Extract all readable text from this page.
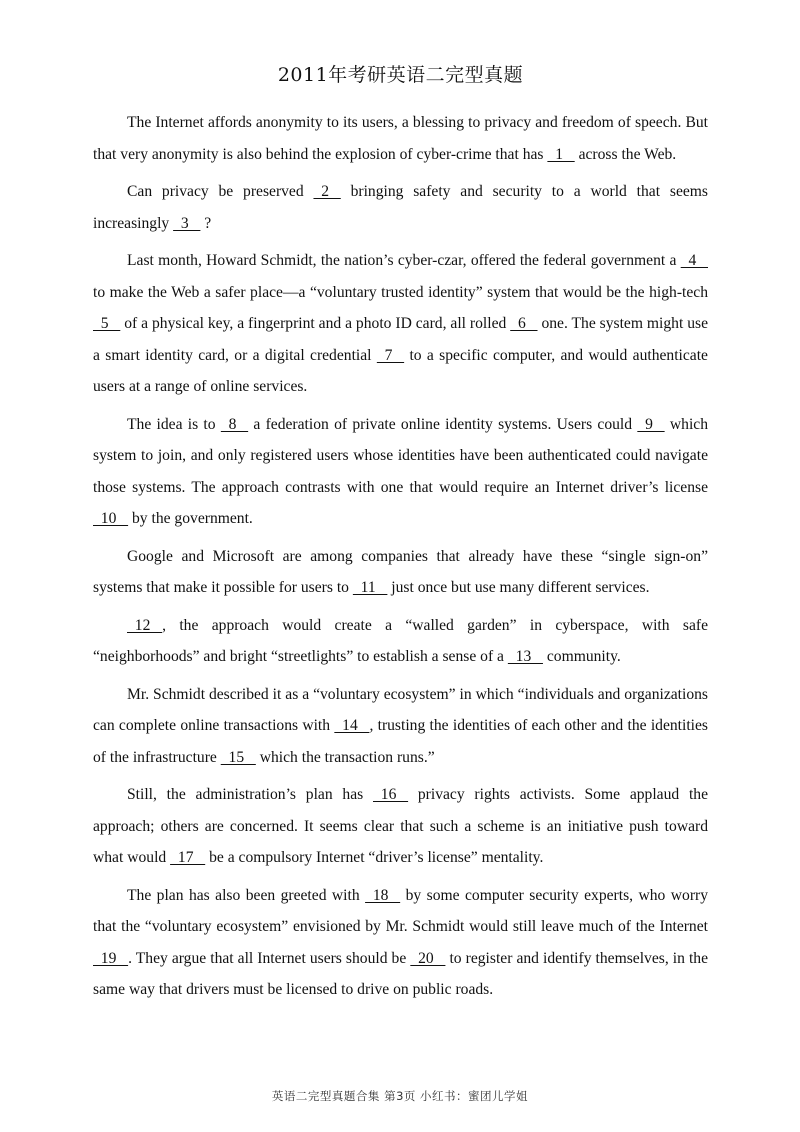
2011年考研英语二完型真题

The Internet affords anonymity to its users, a blessing to privacy and freedom of speech. But that very anonymity is also behind the explosion of cyber-crime that has   1    across the Web.

Can privacy be preserved   2    bringing safety and security to a world that seems increasingly   3    ?

Last month, Howard Schmidt, the nation’s cyber-czar, offered the federal government a   4    to make the Web a safer place—a “voluntary trusted identity” system that would be the high-tech   5    of a physical key, a fingerprint and a photo ID card, all rolled   6    one. The system might use a smart identity card, or a digital credential   7    to a specific computer, and would authenticate users at a range of online services.

The idea is to   8    a federation of private online identity systems. Users could   9    which system to join, and only registered users whose identities have been authenticated could navigate those systems. The approach contrasts with one that would require an Internet driver’s license   10    by the government.

Google and Microsoft are among companies that already have these “single sign-on” systems that make it possible for users to   11    just once but use many different services.

12   , the approach would create a “walled garden” in cyberspace, with safe “neighborhoods” and bright “streetlights” to establish a sense of a   13    community.

Mr. Schmidt described it as a “voluntary ecosystem” in which “individuals and organizations can complete online transactions with   14   , trusting the identities of each other and the identities of the infrastructure   15    which the transaction runs.”

Still, the administration’s plan has   16    privacy rights activists. Some applaud the approach; others are concerned. It seems clear that such a scheme is an initiative push toward what would   17    be a compulsory Internet “driver’s license” mentality.

The plan has also been greeted with   18    by some computer security experts, who worry that the “voluntary ecosystem” envisioned by Mr. Schmidt would still leave much of the Internet   19   . They argue that all Internet users should be   20    to register and identify themselves, in the same way that drivers must be licensed to drive on public roads.

英语二完型真题合集 第3页 小红书：蜜团儿学姐
